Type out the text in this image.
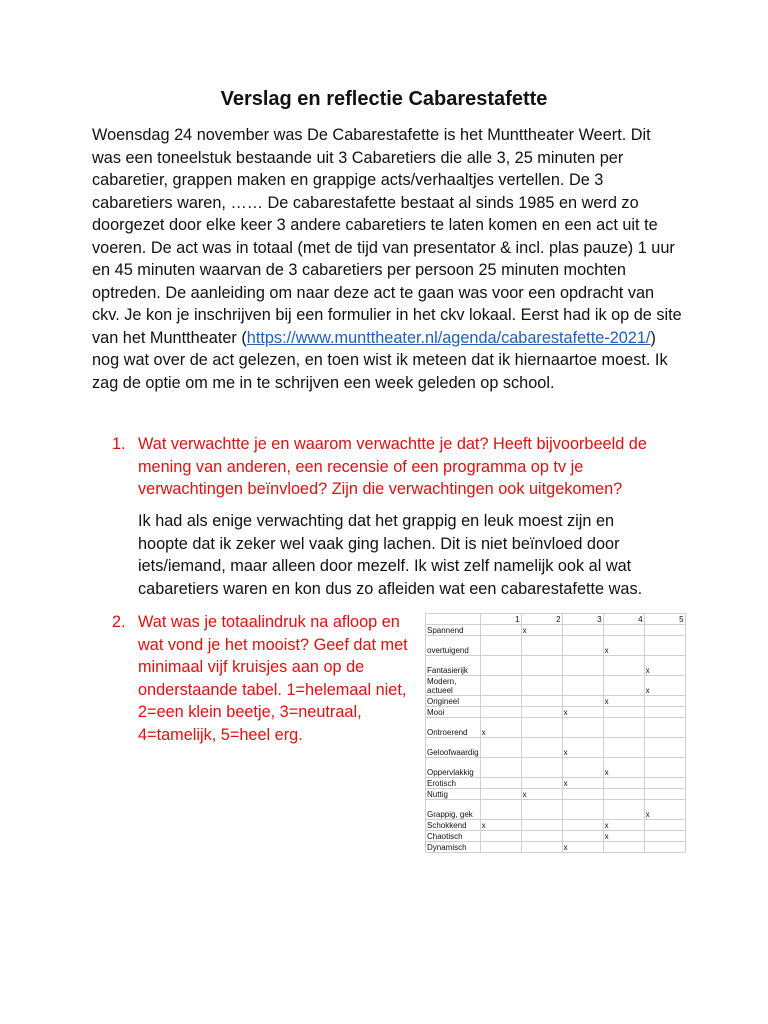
Verslag en reflectie Cabarestafette

Woensdag 24 november was De Cabarestafette is het Munttheater Weert. Dit was een toneelstuk bestaande uit 3 Cabaretiers die alle 3, 25 minuten per cabaretier, grappen maken en grappige acts/verhaaltjes vertellen. De 3 cabaretiers waren, …… De cabarestafette bestaat al sinds 1985 en werd zo doorgezet door elke keer 3 andere cabaretiers te laten komen en een act uit te voeren. De act was in totaal (met de tijd van presentator & incl. plas pauze) 1 uur en 45 minuten waarvan de 3 cabaretiers per persoon 25 minuten mochten optreden. De aanleiding om naar deze act te gaan was voor een opdracht van ckv. Je kon je inschrijven bij een formulier in het ckv lokaal. Eerst had ik op de site van het Munttheater (https://www.munttheater.nl/agenda/cabarestafette-2021/) nog wat over de act gelezen, en toen wist ik meteen dat ik hiernaartoe moest. Ik zag de optie om me in te schrijven een week geleden op school.

1. Wat verwachtte je en waarom verwachtte je dat? Heeft bijvoorbeeld de mening van anderen, een recensie of een programma op tv je verwachtingen beïnvloed? Zijn die verwachtingen ook uitgekomen?
Ik had als enige verwachting dat het grappig en leuk moest zijn en hoopte dat ik zeker wel vaak ging lachen. Dit is niet beïnvloed door iets/iemand, maar alleen door mezelf. Ik wist zelf namelijk ook al wat cabaretiers waren en kon dus zo afleiden wat een cabarestafette was.
2. Wat was je totaalindruk na afloop en wat vond je het mooist? Geef dat met minimaal vijf kruisjes aan op de onderstaande tabel. 1=helemaal niet, 2=een klein beetje, 3=neutraal, 4=tamelijk, 5=heel erg.
	1	2	3	4	5
Spannend		x			
overtuigend				x	
Fantasierijk					x
Modern, actueel					x
Origineel				x	
Mooi			x		
Ontroerend	x				
Geloofwaardig			x		
Oppervlakkig				x	
Erotisch			x		
Nuttig		x			
Grappig, gek					x
Schokkend	x			x	
Chaotisch				x	
Dynamisch			x		
